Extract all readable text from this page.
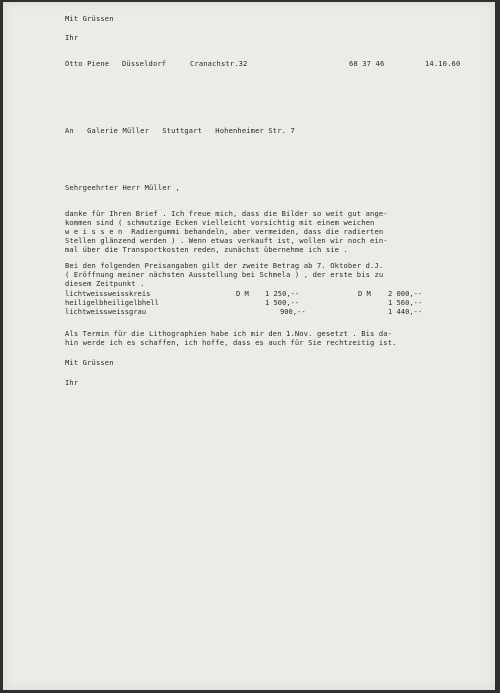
Mit Grüssen
Ihr
Otto Piene Düsseldorf	Cranachstr.32	68 37 46	14.10.60
An   Galerie Müller   Stuttgart   Hohenheimer Str. 7
Sehrgeehrter Herr Müller ,
danke für Ihren Brief . Ich freue mich, dass die Bilder so weit gut ange-
kommen sind ( schmutzige Ecken vielleicht vorsichtig mit einem weichen
w e i s s e n  Radiergummi behandeln, aber vermeiden, dass die radierten
Stellen glänzend werden ) . Wenn etwas verkauft ist, wollen wir noch ein-
mal über die Transportkosten reden, zunächst übernehme ich sie .
Bei den folgenden Preisangaben gilt der zweite Betrag ab 7. Oktober d.J.
( Eröffnung meiner nächsten Ausstellung bei Schmela ) , der erste bis zu
diesem Zeitpunkt .
lichtweissweisskreis	D M 1 250,--	D M 2 000,--
heiligelbheiligelbhell	1 500,--	1 560,--
lichtweissweissgrau	900,--	1 440,--
Als Termin für die Lithographien habe ich mir den 1.Nov. gesetzt . Bis da-
hin werde ich es schaffen, ich hoffe, dass es auch für Sie rechtzeitig ist.
Mit Grüssen
Ihr
